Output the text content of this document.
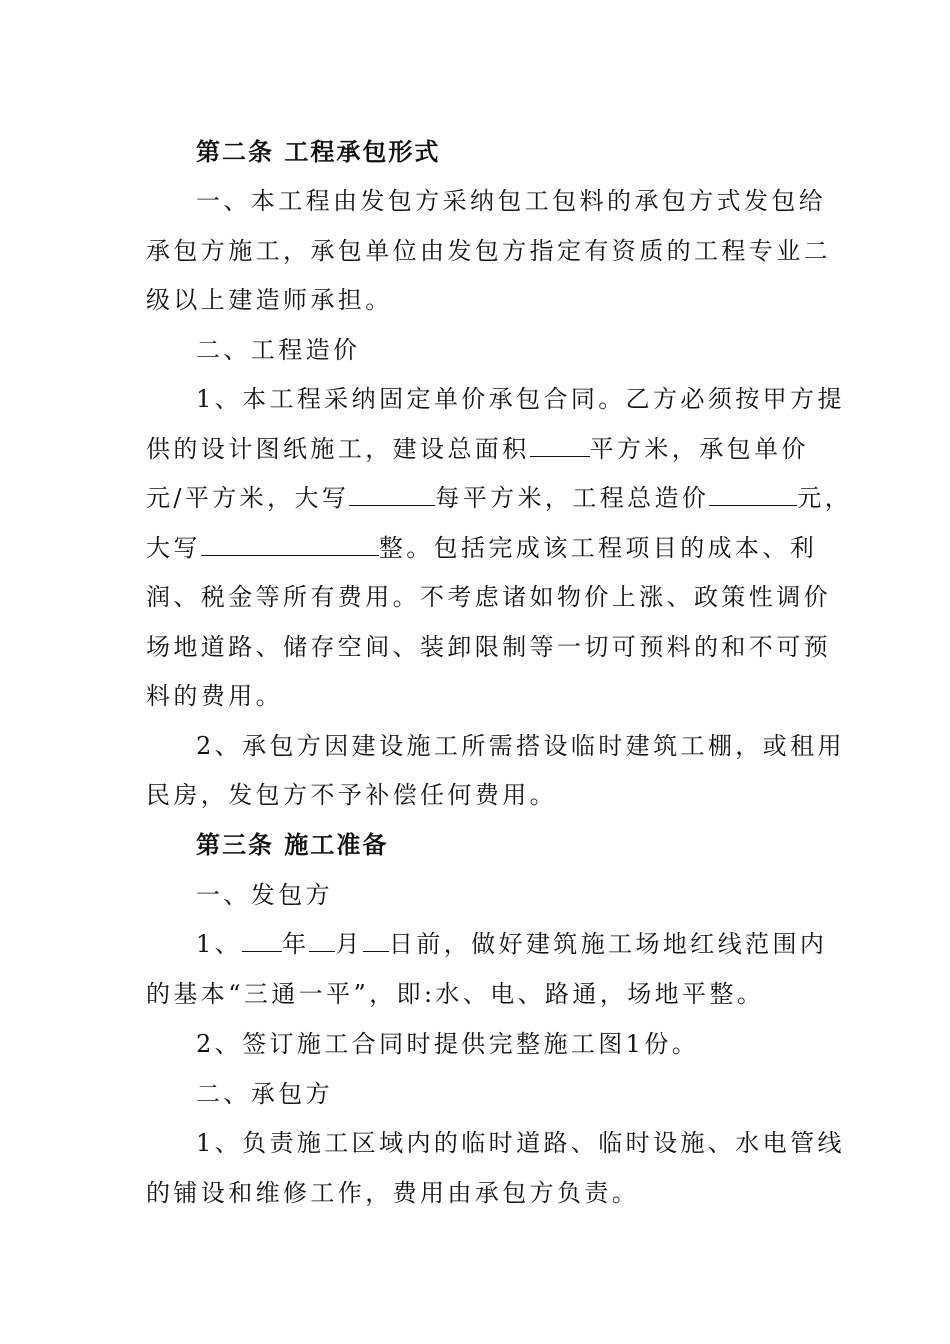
第二条 工程承包形式
一、本工程由发包方采纳包工包料的承包方式发包给
承包方施工，承包单位由发包方指定有资质的工程专业二
级以上建造师承担。
二、工程造价
1、本工程采纳固定单价承包合同。乙方必须按甲方提
供的设计图纸施工，建设总面积	平方米，承包单价
元/平方米，大写	每平方米，工程总造价	元，
大写	整。包括完成该工程项目的成本、利
润、税金等所有费用。不考虑诸如物价上涨、政策性调价
场地道路、储存空间、装卸限制等一切可预料的和不可预
料的费用。
2、承包方因建设施工所需搭设临时建筑工棚，或租用
民房，发包方不予补偿任何费用。
第三条 施工准备
一、发包方
1、 年 月 日前，做好建筑施工场地红线范围内
的基本“三通一平”，即:水、电、路通，场地平整。
2、签订施工合同时提供完整施工图1份。
二、承包方
1、负责施工区域内的临时道路、临时设施、水电管线
的铺设和维修工作，费用由承包方负责。
